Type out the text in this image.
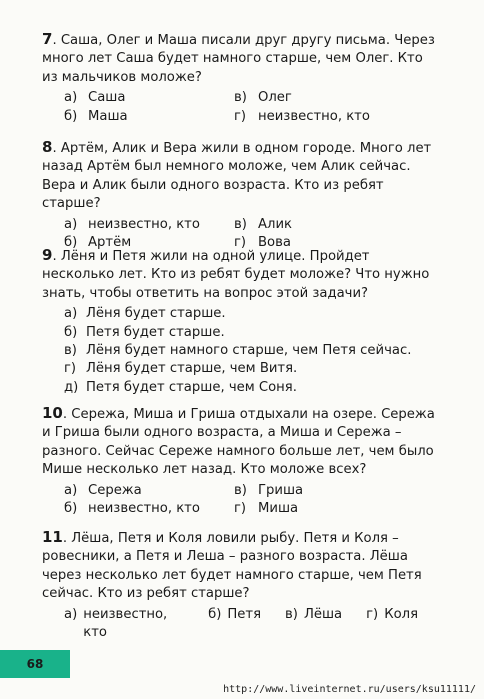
7. Саша, Олег и Маша писали друг другу письма. Через много лет Саша будет намного старше, чем Олег. Кто из мальчиков моложе?

а) Саша	в) Олег
б) Маша	г) неизвестно, кто

8. Артём, Алик и Вера жили в одном городе. Много лет назад Артём был немного моложе, чем Алик сейчас. Вера и Алик были одного возраста. Кто из ребят старше?

а) неизвестно, кто	в) Алик
б) Артём	г) Вова

9. Лёня и Петя жили на одной улице. Пройдет несколько лет. Кто из ребят будет моложе? Что нужно знать, чтобы ответить на вопрос этой задачи?

а) Лёня будет старше.
б) Петя будет старше.
в) Лёня будет намного старше, чем Петя сейчас.
г) Лёня будет старше, чем Витя.
д) Петя будет старше, чем Соня.

10. Сережа, Миша и Гриша отдыхали на озере. Сережа и Гриша были одного возраста, а Миша и Сережа – разного. Сейчас Сереже намного больше лет, чем было Мише несколько лет назад. Кто моложе всех?

а) Сережа	в) Гриша
б) неизвестно, кто	г) Миша

11. Лёша, Петя и Коля ловили рыбу. Петя и Коля – ровесники, а Петя и Леша – разного возраста. Лёша через несколько лет будет намного старше, чем Петя сейчас. Кто из ребят старше?

а) неизвестно, кто
б) Петя в) Лёша г) Коля
68
http://www.liveinternet.ru/users/ksu11111/
